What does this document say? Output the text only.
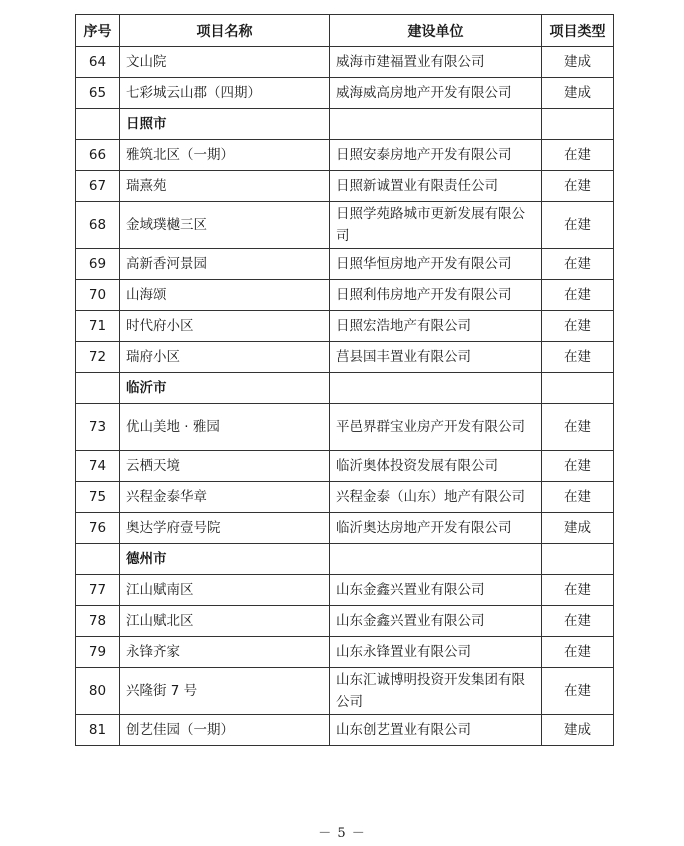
序号	项目名称	建设单位	项目类型
64	文山院	威海市建福置业有限公司	建成
65	七彩城云山郡（四期）	威海威高房地产开发有限公司	建成
	日照市		
66	雅筑北区（一期）	日照安泰房地产开发有限公司	在建
67	瑞熹苑	日照新诚置业有限责任公司	在建
68	金域璞樾三区	日照学苑路城市更新发展有限公司	在建
69	高新香河景园	日照华恒房地产开发有限公司	在建
70	山海颂	日照利伟房地产开发有限公司	在建
71	时代府小区	日照宏浩地产有限公司	在建
72	瑞府小区	莒县国丰置业有限公司	在建
	临沂市		
73	优山美地 · 雅园	平邑界群宝业房产开发有限公司	在建
74	云栖天境	临沂奥体投资发展有限公司	在建
75	兴程金泰华章	兴程金泰（山东）地产有限公司	在建
76	奥达学府壹号院	临沂奥达房地产开发有限公司	建成
	德州市		
77	江山赋南区	山东金鑫兴置业有限公司	在建
78	江山赋北区	山东金鑫兴置业有限公司	在建
79	永锋齐家	山东永锋置业有限公司	在建
80	兴隆街 7 号	山东汇诚博明投资开发集团有限公司	在建
81	创艺佳园（一期）	山东创艺置业有限公司	建成
－ 5 －
